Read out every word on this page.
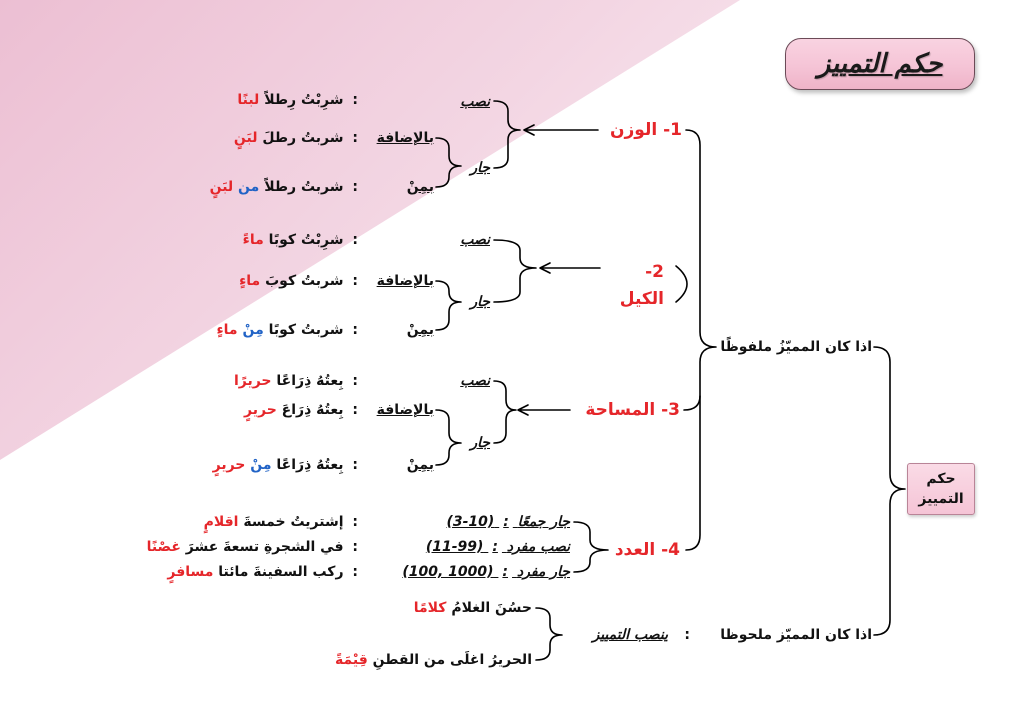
حكم التمييز
حكم
التمييز
اذا كان المميّزُ ملفوظًا
اذا كان المميّز ملحوظا
1- الوزن
نصب
جار
بالإضافة
بمِنْ
: شرِبْتُ رِطلاً لبنًا
: شربتُ رطلَ لبَنٍ
: شربتُ رطلاً من لبَنٍ
2-
الكيل
نصب
جار
بالإضافة
بمِنْ
: شرِبْتُ كوبًا ماءً
: شربتُ كوبَ ماءٍ
: شربتُ كوبًا مِنْ ماءٍ
3- المساحة
نصب
جار
بالإضافة
بمِنْ
: بِعتُهُ ذِرَاعًا حريرًا
: بِعتُهُ ذِرَاعَ حريرٍ
: بِعتُهُ ذِرَاعًا مِنْ حريرٍ
4- العدد
جار جمعًا : (3-10)
نصب مفرد : (11-99)
جار مفرد : (100, 1000)
: إشتريتُ خمسةَ اقلامٍ
: في الشجرةِ تسعةَ عشرَ غصْنًا
: ركب السفينةَ مائتا مسافرٍ
:
ينصب التمييز
حسُنَ الغلامُ كلامًا
الحريرُ اغلَى من القطنِ قِيْمَةً
